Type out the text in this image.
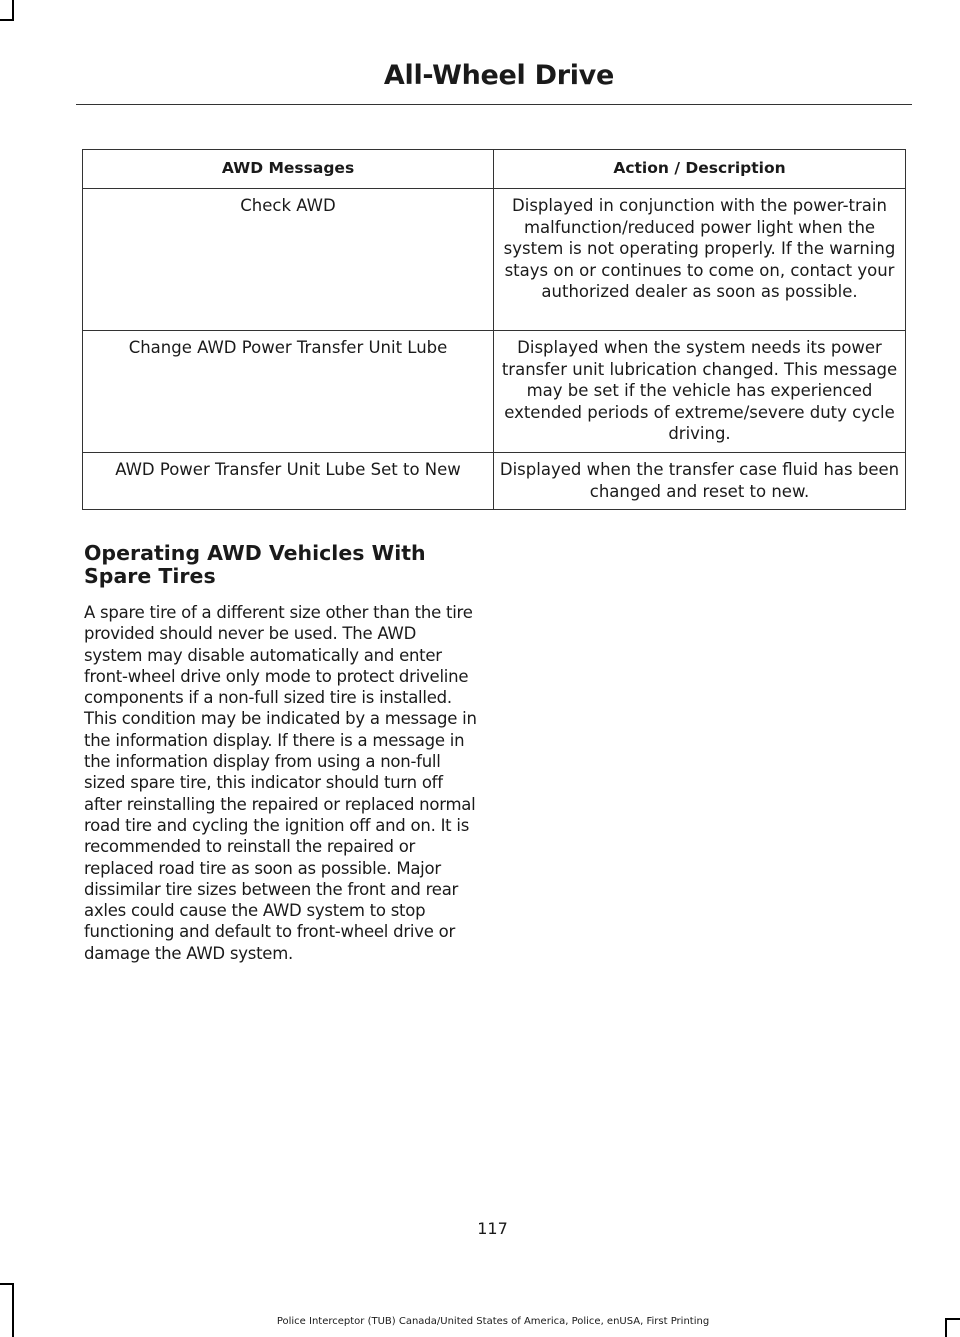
All-Wheel Drive
AWD Messages	Action / Description
Check AWD	Displayed in conjunction with the power-train malfunction/reduced power light when the system is not operating properly. If the warning stays on or continues to come on, contact your authorized dealer as soon as possible.
Change AWD Power Transfer Unit Lube	Displayed when the system needs its power transfer unit lubrication changed. This message may be set if the vehicle has experienced extended periods of extreme/severe duty cycle driving.
AWD Power Transfer Unit Lube Set to New	Displayed when the transfer case fluid has been changed and reset to new.
Operating AWD Vehicles With Spare Tires

A spare tire of a different size other than the tire provided should never be used. The AWD system may disable automatically and enter front-wheel drive only mode to protect driveline components if a non-full sized tire is installed. This condition may be indicated by a message in the information display. If there is a message in the information display from using a non-full sized spare tire, this indicator should turn off after reinstalling the repaired or replaced normal road tire and cycling the ignition off and on. It is recommended to reinstall the repaired or replaced road tire as soon as possible. Major dissimilar tire sizes between the front and rear axles could cause the AWD system to stop functioning and default to front-wheel drive or damage the AWD system.

117
Police Interceptor (TUB) Canada/United States of America, Police, enUSA, First Printing
